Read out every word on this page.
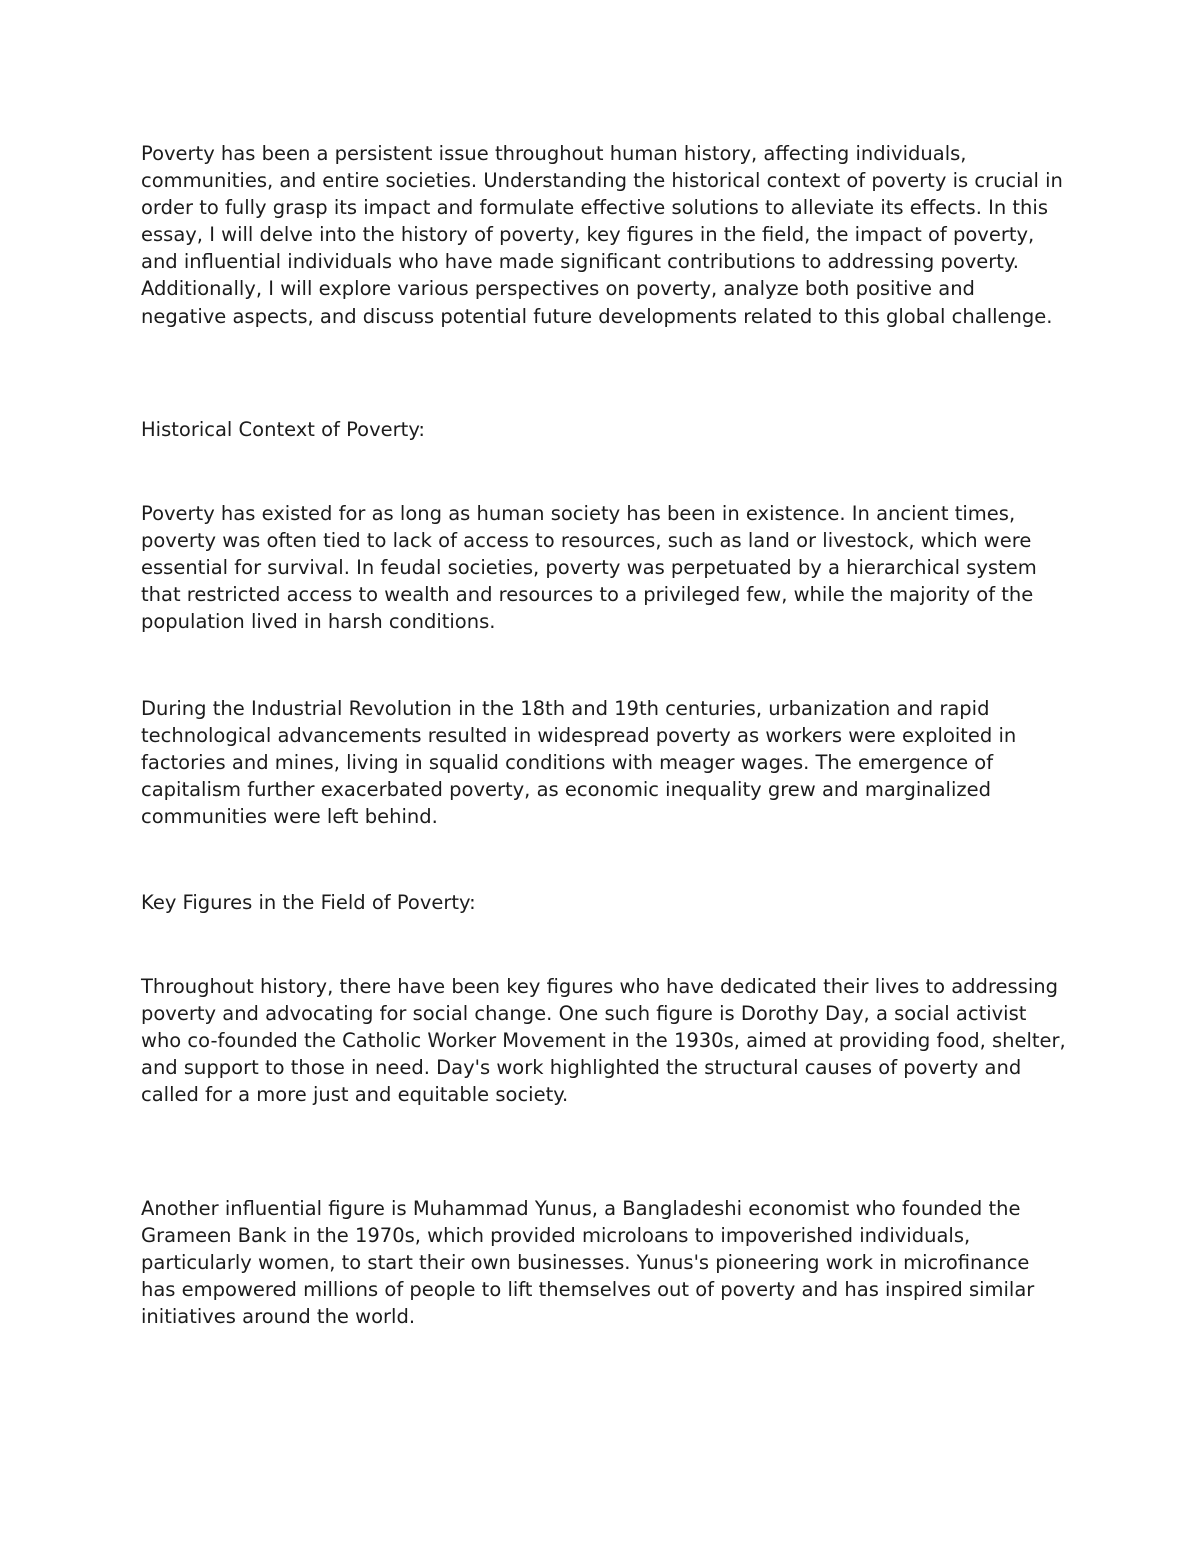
Poverty has been a persistent issue throughout human history, affecting individuals, communities, and entire societies. Understanding the historical context of poverty is crucial in order to fully grasp its impact and formulate effective solutions to alleviate its effects. In this essay, I will delve into the history of poverty, key figures in the field, the impact of poverty, and influential individuals who have made significant contributions to addressing poverty. Additionally, I will explore various perspectives on poverty, analyze both positive and negative aspects, and discuss potential future developments related to this global challenge.

Historical Context of Poverty:

Poverty has existed for as long as human society has been in existence. In ancient times, poverty was often tied to lack of access to resources, such as land or livestock, which were essential for survival. In feudal societies, poverty was perpetuated by a hierarchical system that restricted access to wealth and resources to a privileged few, while the majority of the population lived in harsh conditions.

During the Industrial Revolution in the 18th and 19th centuries, urbanization and rapid technological advancements resulted in widespread poverty as workers were exploited in factories and mines, living in squalid conditions with meager wages. The emergence of capitalism further exacerbated poverty, as economic inequality grew and marginalized communities were left behind.

Key Figures in the Field of Poverty:

Throughout history, there have been key figures who have dedicated their lives to addressing poverty and advocating for social change. One such figure is Dorothy Day, a social activist who co-founded the Catholic Worker Movement in the 1930s, aimed at providing food, shelter, and support to those in need. Day's work highlighted the structural causes of poverty and called for a more just and equitable society.

Another influential figure is Muhammad Yunus, a Bangladeshi economist who founded the Grameen Bank in the 1970s, which provided microloans to impoverished individuals, particularly women, to start their own businesses. Yunus's pioneering work in microfinance has empowered millions of people to lift themselves out of poverty and has inspired similar initiatives around the world.
